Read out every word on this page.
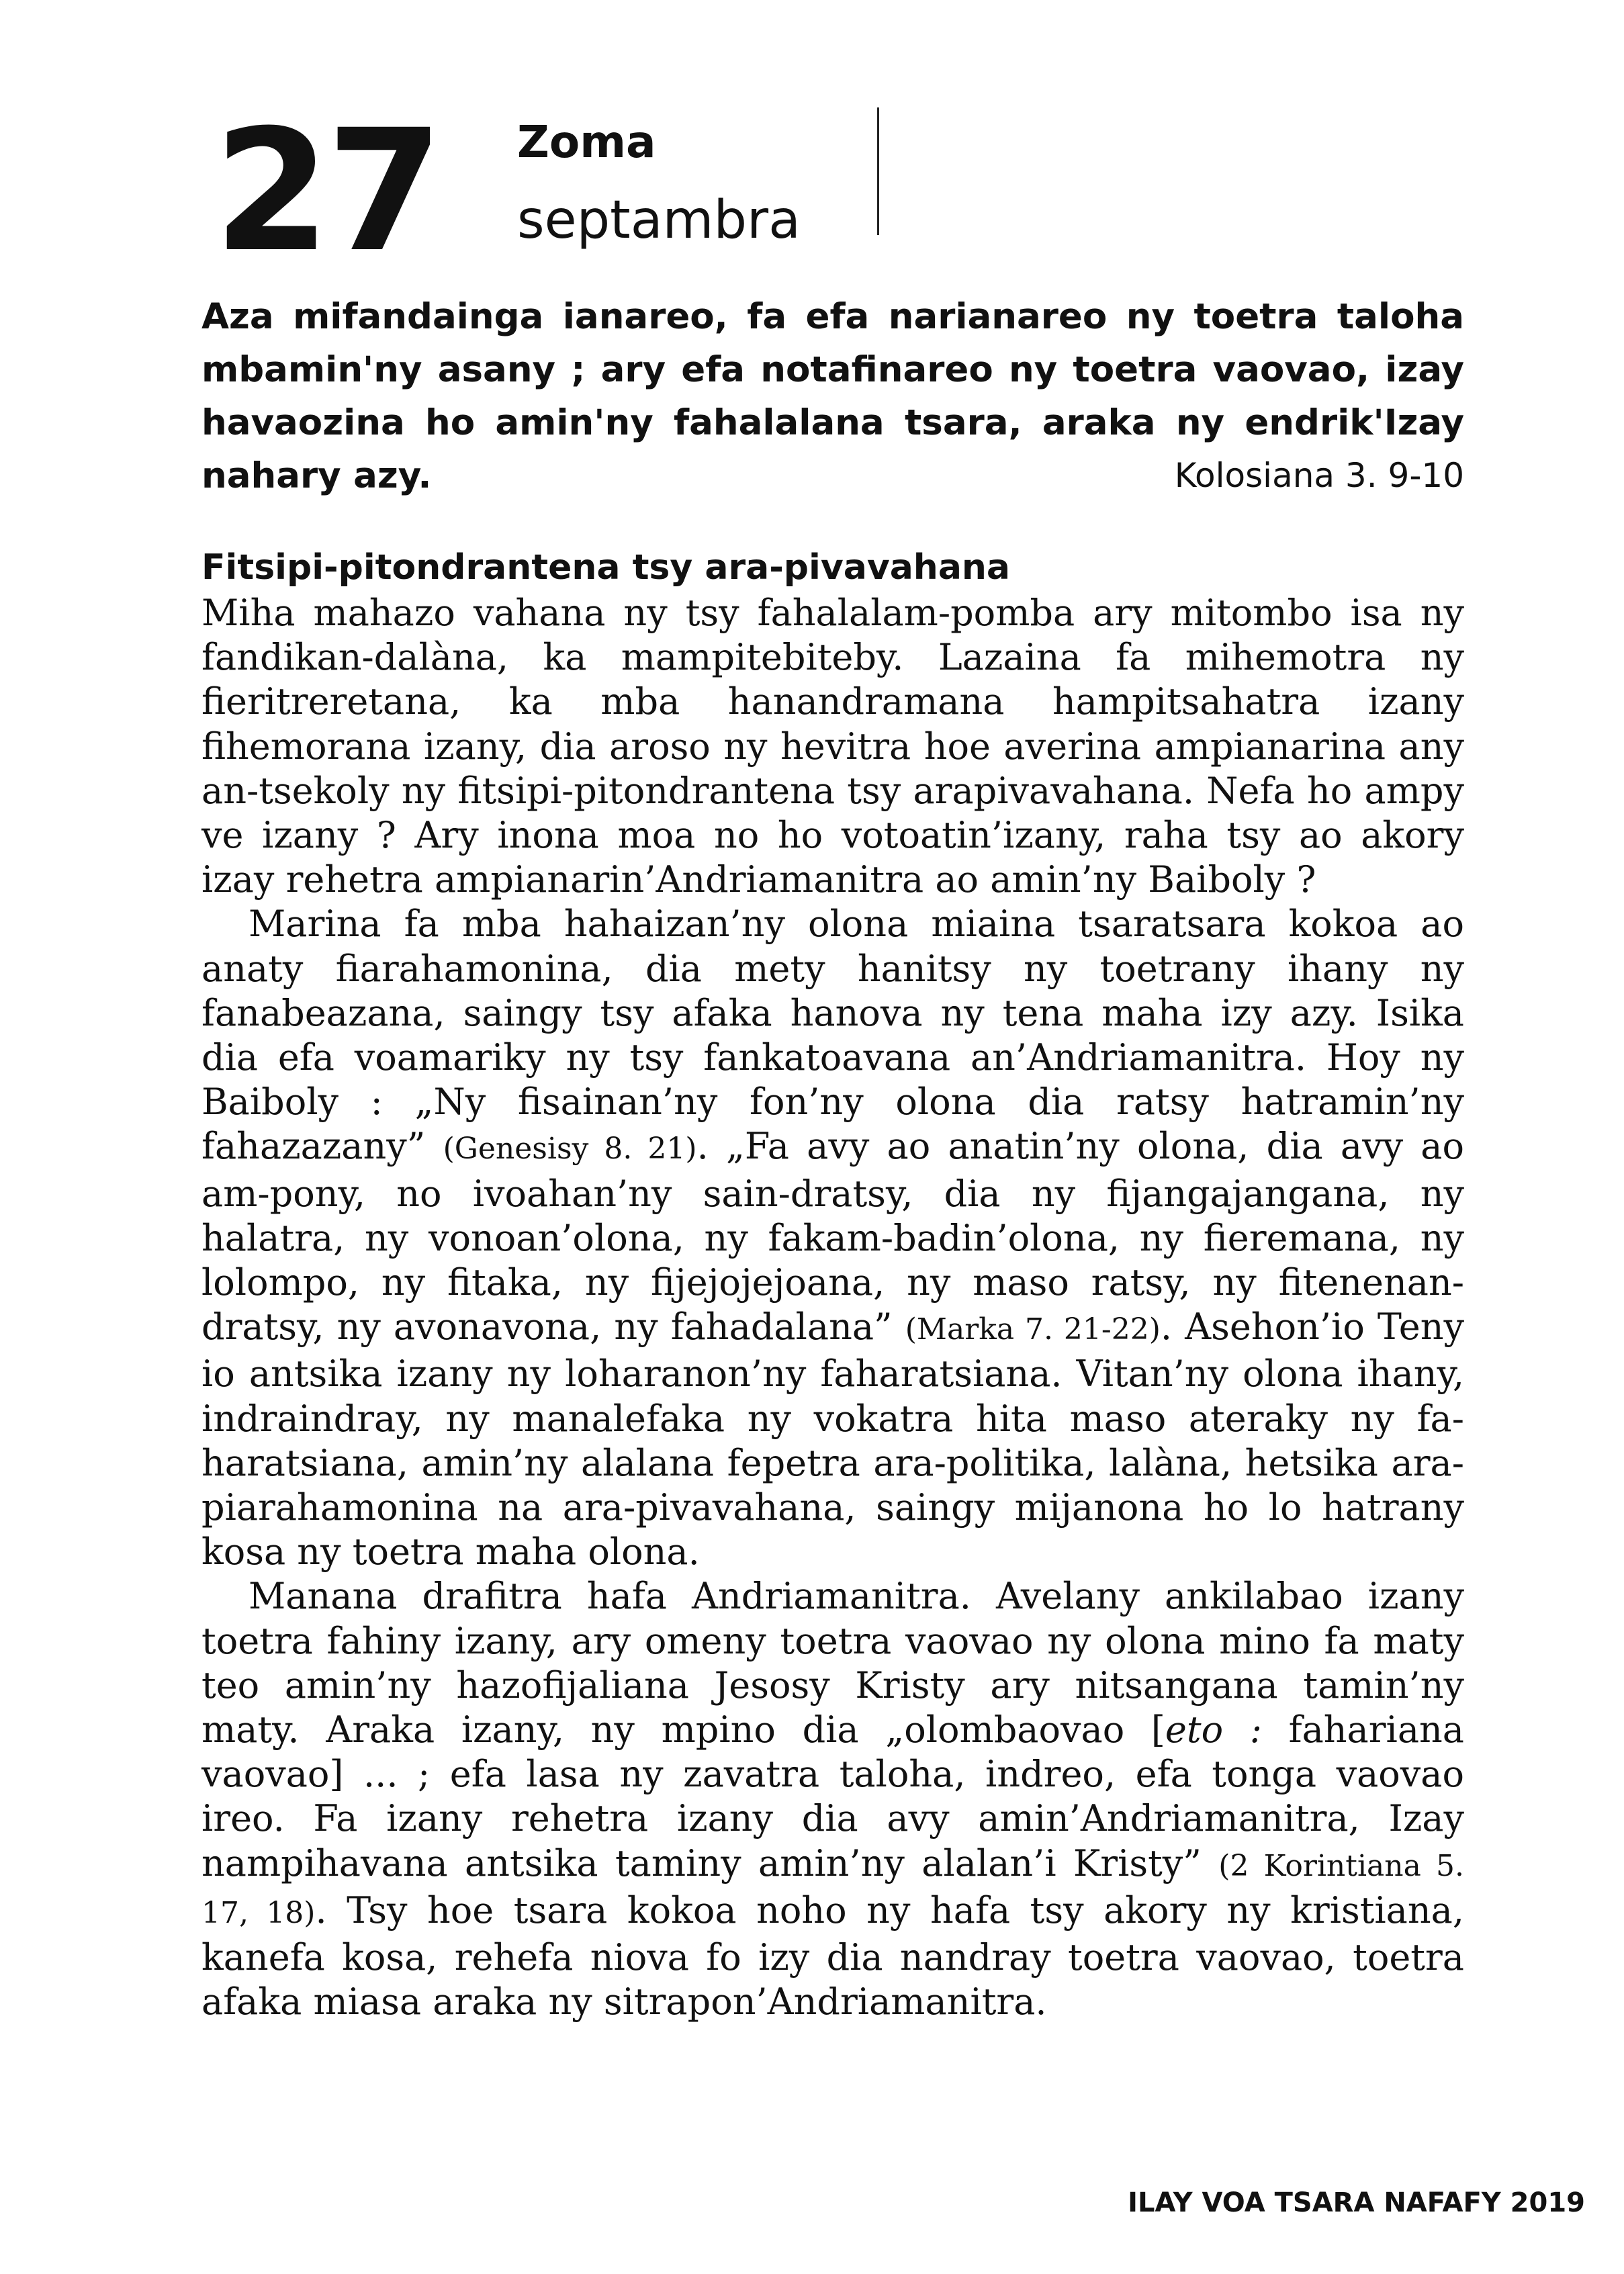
27 Zoma
septambra
Aza mifandainga ianareo, fa efa narianareo ny toetra taloha mbamin'ny asany ; ary efa notafinareo ny toetra vaovao, izay havaozina ho amin'ny fahalalana tsara, araka ny endrik'Izay nahary azy.	Kolosiana 3. 9-10
Fitsipi-pitondrantena tsy ara-pivavahana

Miha mahazo vahana ny tsy fahalalam-pomba ary mitombo isa ny fandikan-dalàna, ka mampitebiteby. Lazaina fa mihemotra ny fieritreretana, ka mba hanandramana hampitsahatra izany fihemorana izany, dia aroso ny hevitra hoe averina ampianarina any an-tsekoly ny fitsipi-pitondrantena tsy arapivavahana. Nefa ho ampy ve izany ? Ary inona moa no ho votoatin’izany, raha tsy ao akory izay rehetra ampianarin’Andriamanitra ao amin’ny Baiboly ?

Marina fa mba hahaizan’ny olona miaina tsaratsara kokoa ao anaty fiarahamonina, dia mety hanitsy ny toetrany ihany ny fanabeazana, saingy tsy afaka hanova ny tena maha izy azy. Isika dia efa voamariky ny tsy fankatoavana an’Andriamanitra. Hoy ny Baiboly : „Ny fisainan’ny fon’ny olona dia ratsy hatramin’ny fahazazany” (Genesisy 8. 21). „Fa avy ao anatin’ny olona, dia avy ao am-pony, no ivoahan’ny sain-dratsy, dia ny fijangajangana, ny halatra, ny vonoan’olona, ny fakam-badin’olona, ny fieremana, ny lolompo, ny fitaka, ny fijejojejoana, ny maso ratsy, ny fitenenan-dratsy, ny avonavona, ny fahadalana” (Marka 7. 21-22). Asehon’io Teny io antsika izany ny loharanon’ny faharatsiana. Vitan’ny olona ihany, indraindray, ny manalefaka ny vokatra hita maso ateraky ny faharatsiana, amin’ny alalana fepetra ara-politika, lalàna, hetsika ara-piarahamonina na ara-pivavahana, saingy mijanona ho lo hatrany kosa ny toetra maha olona.

Manana drafitra hafa Andriamanitra. Avelany ankilabao izany toetra fahiny izany, ary omeny toetra vaovao ny olona mino fa maty teo amin’ny hazofijaliana Jesosy Kristy ary nitsangana tamin’ny maty. Araka izany, ny mpino dia „olombaovao [eto : fahariana vaovao] ... ; efa lasa ny zavatra taloha, indreo, efa tonga vaovao ireo. Fa izany rehetra izany dia avy amin’Andriamanitra, Izay nampihavana antsika taminy amin’ny alalan’i Kristy” (2 Korintiana 5. 17, 18). Tsy hoe tsara kokoa noho ny hafa tsy akory ny kristiana, kanefa kosa, rehefa niova fo izy dia nandray toetra vaovao, toetra afaka miasa araka ny sitrapon’Andriamanitra.

ILAY VOA TSARA NAFAFY 2019
